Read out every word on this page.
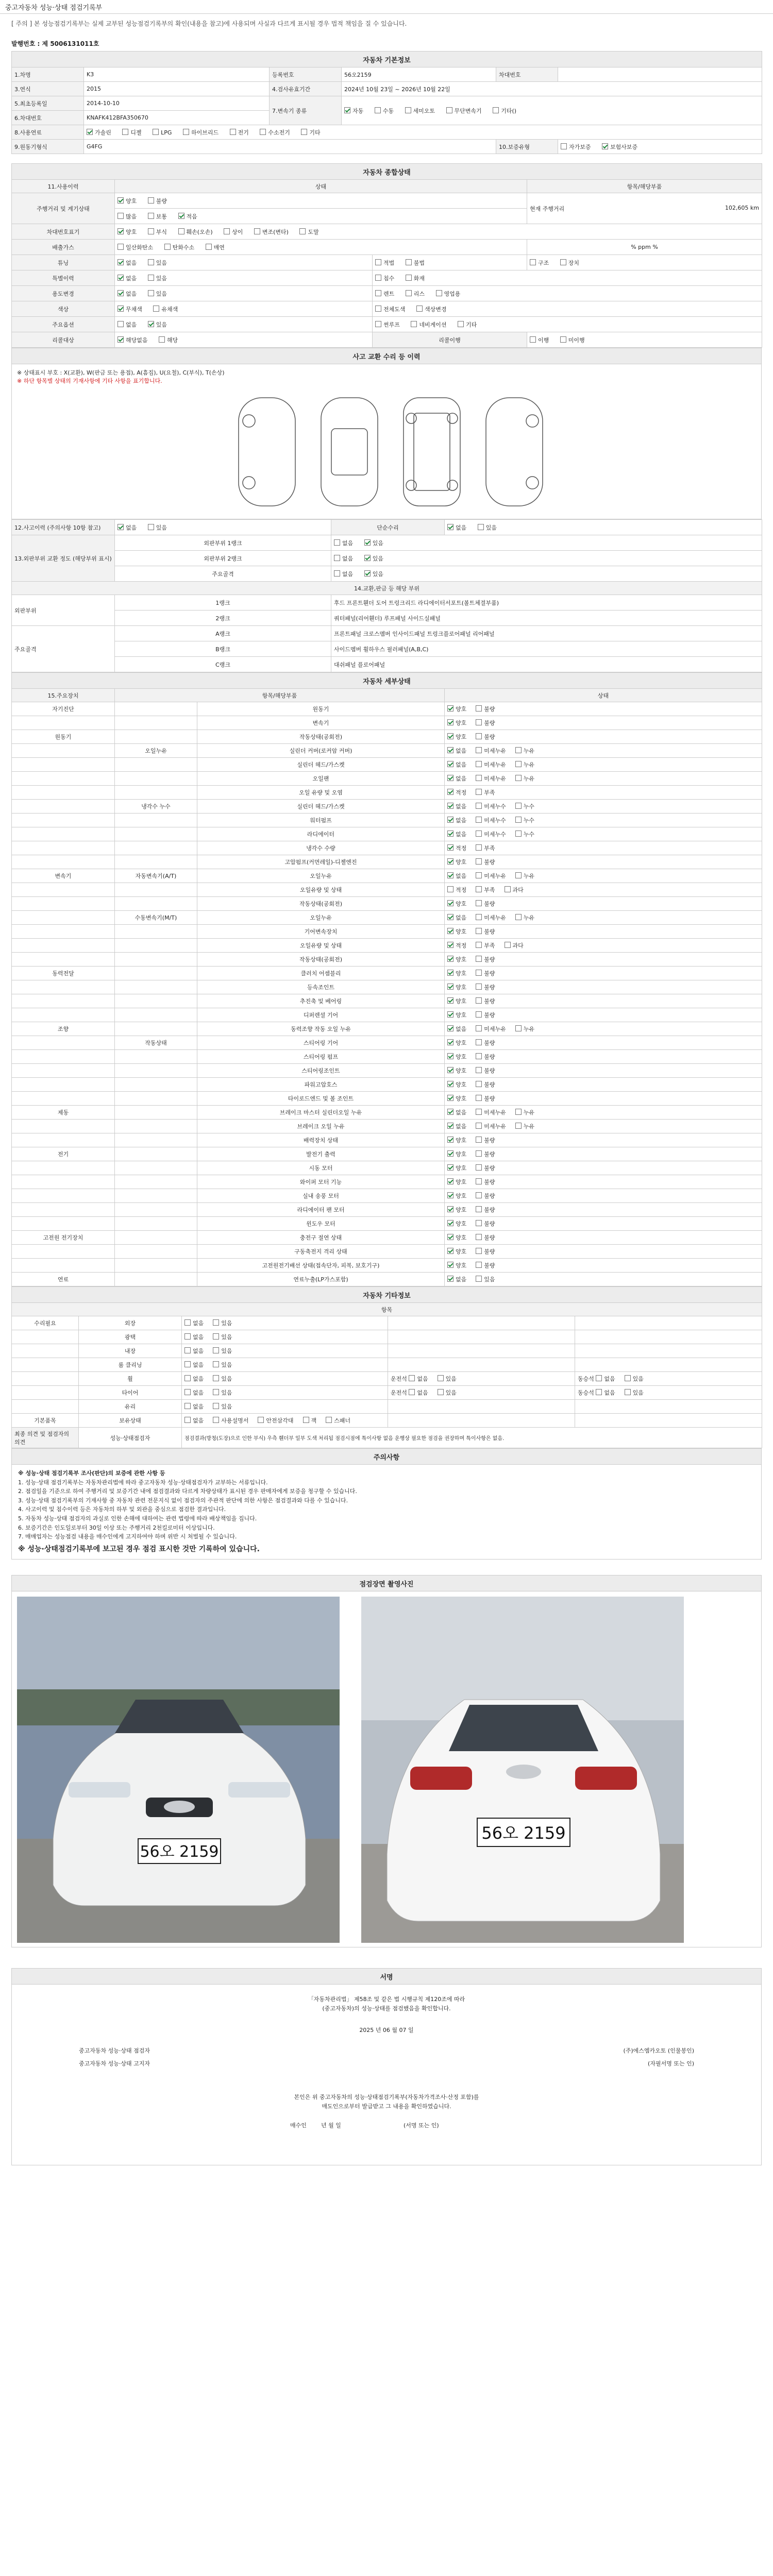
중고자동차 성능·상태 점검기록부
[ 주의 ] 본 성능점검기록부는 실제 교부된 성능점검기록부의 확인(내용을 참고)에 사용되며 사실과 다르게 표시될 경우 법적 책임을 질 수 있습니다.
발행번호 : 제 5006131011호
자동차 기본정보					
1.차명	K3	등록번호	56오2159	차대번호	
3.연식	2015	4.검사유효기간	2024년 10월 23일 ~ 2026년 10월 22일		
5.최초등록일	2014-10-10	7.변속기 종류	자동 수동 세미오토 무단변속기 기타()		
6.차대번호	KNAFK412BFA350670				
8.사용연료	가솔린 디젤 LPG 하이브리드 전기 수소전기 기타				
9.원동기형식	G4FG			10.보증유형	자가보증 보험사보증
자동차 종합상태			
11.사용이력	상태		항목/해당부품
주행거리 및 계기상태	양호 불량		현재 주행거리 102,605 km

	많음 보통 적음		
차대번호표기	양호 부식 훼손(오손) 상이 변조(변타) 도말		
배출가스	일산화탄소 탄화수소 매연		% ppm %
튜닝	없음 있음	적법 불법	구조 장치
특별이력	없음 있음	침수 화재	
용도변경	없음 있음	렌트 리스 영업용	
색상	무채색 유채색	전체도색 색상변경	
주요옵션	없음 있음	썬루프 네비게이션 기타	
리콜대상	해당없음 해당	리콜이행	이행 미이행
사고 교환 수리 등 이력
※ 상태표시 부호 : X(교환), W(판금 또는 용접), A(흠집), U(요철), C(부식), T(손상)
※ 하단 항목별 상태의 기재사항에 기타 사항을 표기합니다.
12.사고이력 (주의사항 10항 참고)	없음 있음	단순수리	없음 있음
13.외판부위 교환 정도 (해당부위 표시)	외판부위 1랭크	없음 있음	
	외판부위 2랭크	없음 있음	
	주요골격	없음 있음	
14.교환,판금 등 해당 부위			
외판부위	1랭크	후드 프론트휀더 도어 트렁크리드 라디에이터서포트(볼트체결부품)	
	2랭크	쿼터패널(리어휀더) 루프패널 사이드실패널	
주요골격	A랭크	프론트패널 크로스멤버 인사이드패널 트렁크플로어패널 리어패널	
	B랭크	사이드멤버 휠하우스 필러패널(A,B,C)	
	C랭크	대쉬패널 플로어패널	
자동차 세부상태			
15.주요장치	항목/해당부품		상태
자기진단		원동기	양호 불량
		변속기	양호 불량
원동기		작동상태(공회전)	양호 불량
	오일누유	실린더 커버(로커암 커버)	없음 미세누유 누유
		실린더 헤드/가스켓	없음 미세누유 누유
		오일팬	없음 미세누유 누유
		오일 유량 및 오염	적정 부족
	냉각수 누수	실린더 헤드/가스켓	없음 미세누수 누수
		워터펌프	없음 미세누수 누수
		라디에이터	없음 미세누수 누수
		냉각수 수량	적정 부족
		고압펌프(커먼레일)-디젤엔진	양호 불량
변속기	자동변속기(A/T)	오일누유	없음 미세누유 누유
		오일유량 및 상태	적정 부족 과다
		작동상태(공회전)	양호 불량
	수동변속기(M/T)	오일누유	없음 미세누유 누유
		기어변속장치	양호 불량
		오일유량 및 상태	적정 부족 과다
		작동상태(공회전)	양호 불량
동력전달		클러치 어셈블리	양호 불량
		등속조인트	양호 불량
		추진축 및 베어링	양호 불량
		디퍼렌셜 기어	양호 불량
조향		동력조향 작동 오일 누유	없음 미세누유 누유
	작동상태	스티어링 기어	양호 불량
		스티어링 펌프	양호 불량
		스티어링조인트	양호 불량
		파워고압호스	양호 불량
		타이로드엔드 및 볼 조인트	양호 불량
제동		브레이크 마스터 실린더오일 누유	없음 미세누유 누유
		브레이크 오일 누유	없음 미세누유 누유
		배력장치 상태	양호 불량
전기		발전기 출력	양호 불량
		시동 모터	양호 불량
		와이퍼 모터 기능	양호 불량
		실내 송풍 모터	양호 불량
		라디에이터 팬 모터	양호 불량
		윈도우 모터	양호 불량
고전원 전기장치		충전구 절연 상태	양호 불량
		구동축전지 격리 상태	양호 불량
		고전원전기배선 상태(접속단자, 피복, 보호기구)	양호 불량
연료		연료누출(LP가스포함)	없음 있음
자동차 기타정보				
항목				
수리필요	외장	없음 있음		
	광택	없음 있음		
	내장	없음 있음		
	룸 클리닝	없음 있음		
	휠	없음 있음	운전석 없음 있음	동승석 없음 있음
	타이어	없음 있음	운전석 없음 있음	동승석 없음 있음
	유리	없음 있음		
기본품목	보유상태	없음 사용설명서 안전삼각대 잭 스패너		
최종 의견 및 점검자의 의견	성능·상태점검자	점검결과(방청(도장)으로 인한 부식) 우측 휀더부 일부 도색 처리됨 점검시점에 특이사항 없음 운행상 필요한 점검을 권장하며 특이사항은 없음.		
주의사항

※ 성능·상태 점검기록부 조사(판단)의 보증에 관한 사항 등

1. 성능·상태 점검기록부는 자동차관리법에 따라 중고자동차 성능·상태점검자가 교부하는 서류입니다.

2. 점검일을 기준으로 하여 주행거리 및 보증기간 내에 점검결과와 다르게 차량상태가 표시된 경우 판매자에게 보증을 청구할 수 있습니다.

3. 성능·상태 점검기록부의 기재사항 중 자동차 관련 전문지식 없이 점검자의 주관적 판단에 의한 사항은 점검결과와 다를 수 있습니다.

4. 사고이력 및 침수이력 등은 자동차의 하부 및 외관을 중심으로 점검한 결과입니다.

5. 자동차 성능·상태 점검자의 과실로 인한 손해에 대하여는 관련 법령에 따라 배상책임을 집니다.

6. 보증기간은 인도일로부터 30일 이상 또는 주행거리 2천킬로미터 이상입니다.

7. 매매업자는 성능점검 내용을 매수인에게 고지하여야 하며 위반 시 처벌될 수 있습니다.

※ 성능·상태점검기록부에 보고된 경우 점검 표시한 것만 기록하여 있습니다.

점검장면 촬영사진
56오 2159
56오 2159
서명
「자동차관리법」 제58조 및 같은 법 시행규칙 제120조에 따라
(중고자동차)의 성능·상태를 점검했음을 확인합니다.
2025 년 06 월 07 일
중고자동차 성능·상태 점검자	(주)에스엠카오토 (인물봉인)
중고자동차 성능·상태 고지자	(자필서명 또는 인)
본인은 위 중고자동차의 성능·상태점검기록부(자동차가격조사·산정 포함)를
매도인으로부터 발급받고 그 내용을 확인하였습니다.
매수인	년 월 일	(서명 또는 인)
